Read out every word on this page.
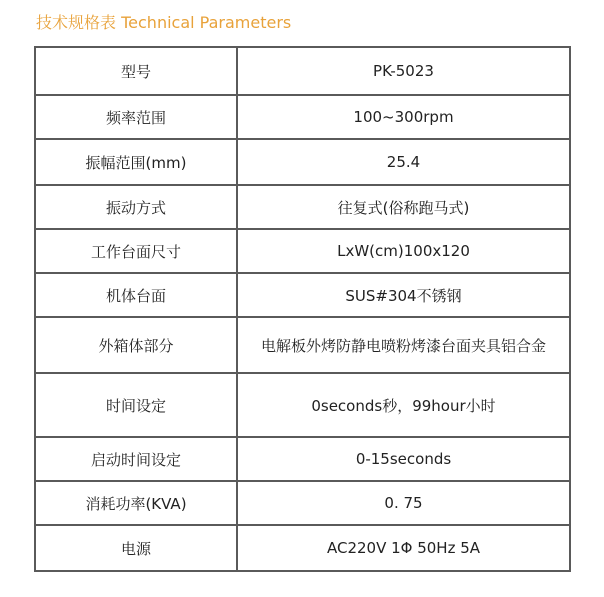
技术规格表 Technical Parameters
型号	PK-5023
频率范围	100~300rpm
振幅范围(mm)	25.4
振动方式	往复式(俗称跑马式)
工作台面尺寸	LxW(cm)100x120
机体台面	SUS#304不锈钢
外箱体部分	电解板外烤防静电喷粉烤漆台面夹具铝合金
时间设定	0seconds秒，99hour小时
启动时间设定	0-15seconds
消耗功率(KVA)	0. 75
电源	AC220V 1Φ 50Hz 5A
